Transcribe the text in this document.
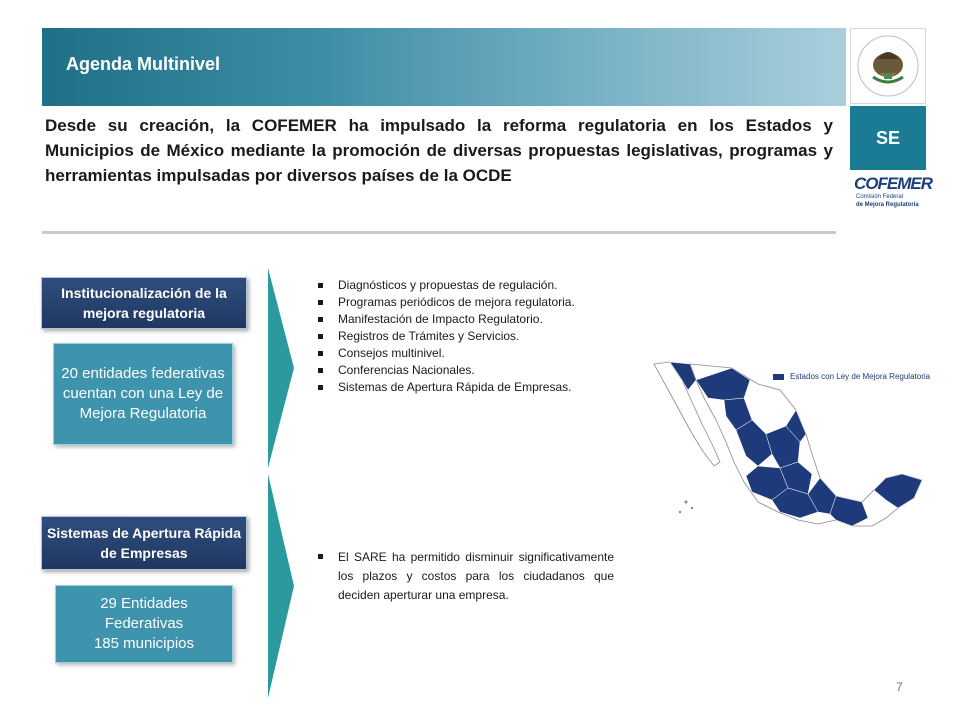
Agenda Multinivel
SE
COFEMER
Comisión Federal
de Mejora Regulatoria
Desde su creación, la COFEMER ha impulsado la reforma regulatoria en los Estados y Municipios de México mediante la promoción de diversas propuestas legislativas, programas y herramientas impulsadas por diversos países de la OCDE
Institucionalización de la mejora regulatoria
20 entidades federativas cuentan con una Ley de Mejora Regulatoria
Diagnósticos y propuestas de regulación.
Programas periódicos de mejora regulatoria.
Manifestación de Impacto Regulatorio.
Registros de Trámites y Servicios.
Consejos multinivel.
Conferencias Nacionales.
Sistemas de Apertura Rápida de Empresas.
Sistemas de Apertura Rápida de Empresas
29 Entidades
Federativas
185 municipios
El SARE ha permitido disminuir significativamente los plazos y costos para los ciudadanos que deciden aperturar una empresa.
Estados con Ley de Mejora Regulatoria
7
